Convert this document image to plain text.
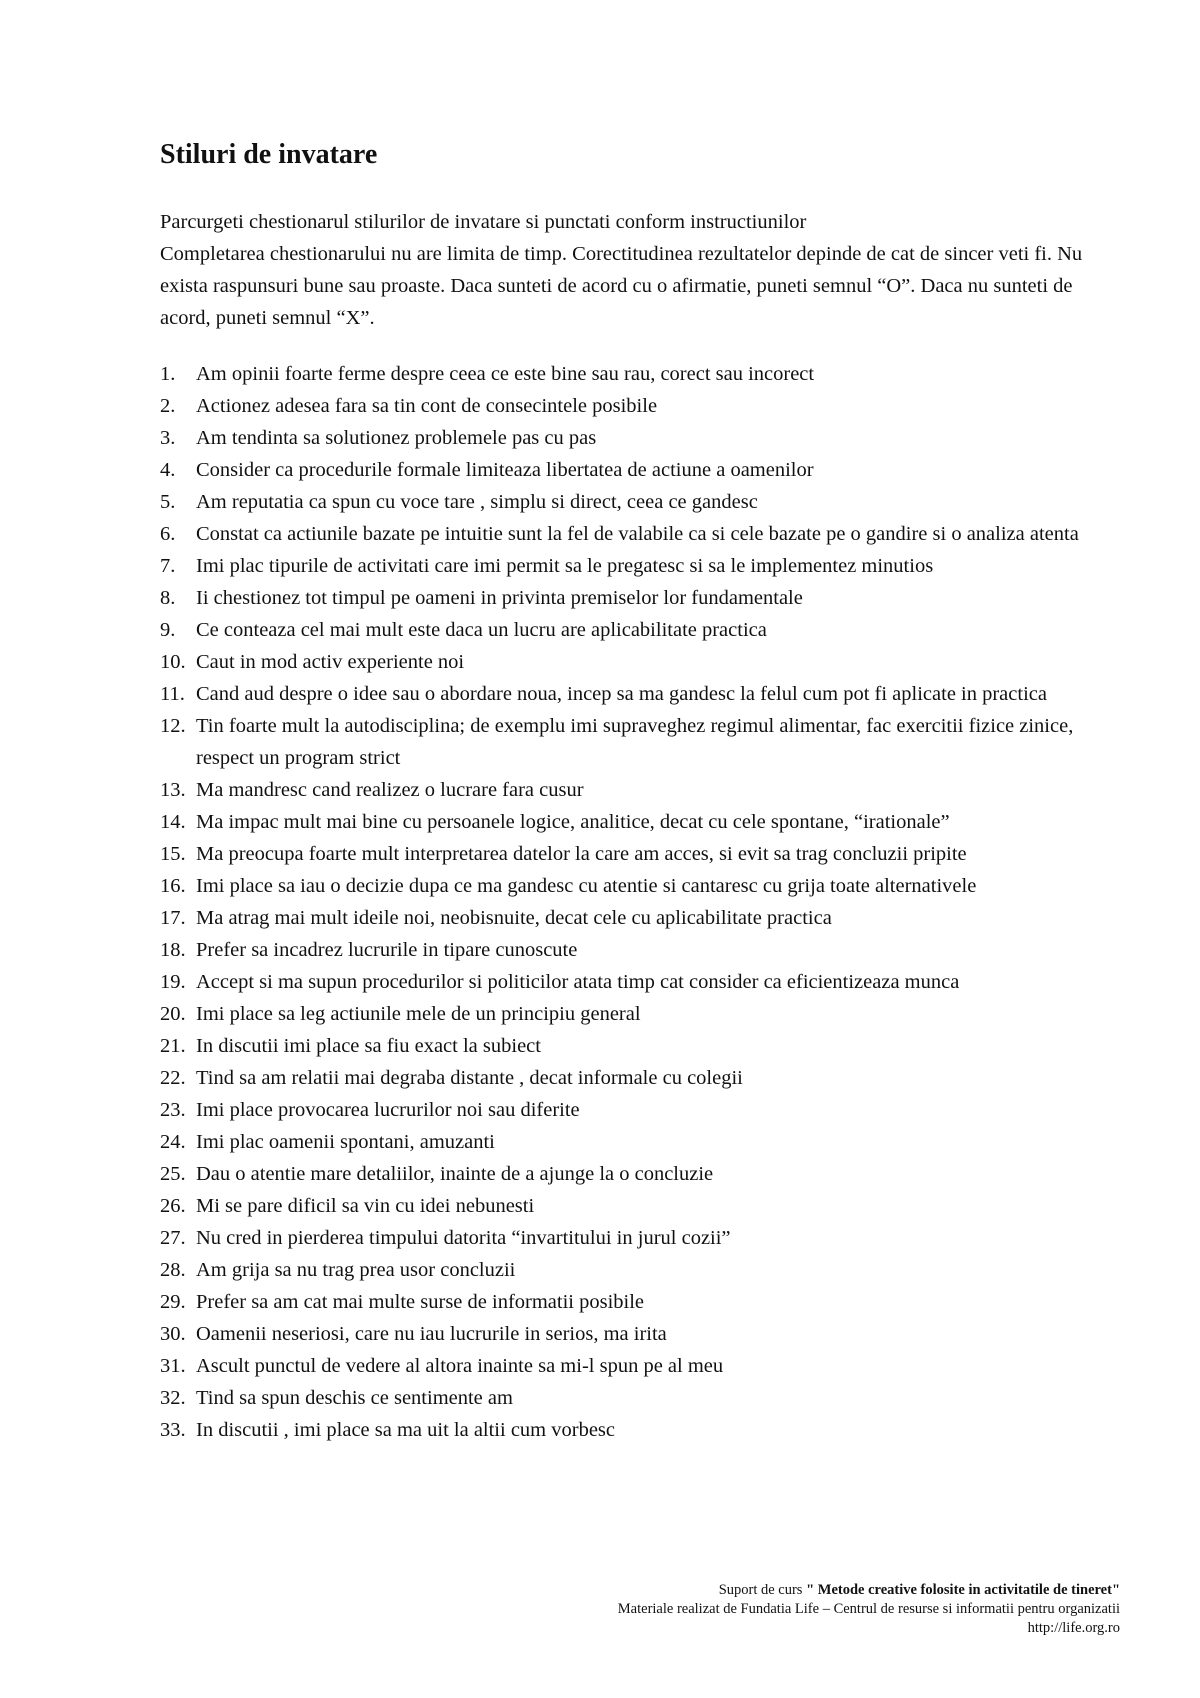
Stiluri de invatare

Parcurgeti chestionarul stilurilor de invatare si punctati conform instructiunilor

Completarea chestionarului nu are limita de timp. Corectitudinea rezultatelor depinde de cat de sincer veti fi. Nu exista raspunsuri bune sau proaste. Daca sunteti de acord cu o afirmatie, puneti semnul “O”. Daca nu sunteti de acord, puneti semnul “X”.

1.	Am opinii foarte ferme despre ceea ce este bine sau rau, corect sau incorect
2.	Actionez adesea fara sa tin cont de consecintele posibile
3.	Am tendinta sa solutionez problemele pas cu pas
4.	Consider ca procedurile formale limiteaza libertatea de actiune a oamenilor
5.	Am reputatia ca spun cu voce tare , simplu si direct, ceea ce gandesc
6.	Constat ca actiunile bazate pe intuitie sunt la fel de valabile ca si cele bazate pe o gandire si o analiza atenta
7.	Imi plac tipurile de activitati care imi permit sa le pregatesc si sa le implementez minutios
8.	Ii chestionez tot timpul pe oameni in privinta premiselor lor fundamentale
9.	Ce conteaza cel mai mult este daca un lucru are aplicabilitate practica
10. Caut in mod activ experiente noi
11. Cand aud despre o idee sau o abordare noua, incep sa ma gandesc la felul cum pot fi aplicate in practica
12. Tin foarte mult la autodisciplina; de exemplu imi supraveghez regimul alimentar, fac exercitii fizice zinice, respect un program strict
13. Ma mandresc cand realizez o lucrare fara cusur
14. Ma impac mult mai bine cu persoanele logice, analitice, decat cu cele spontane, “irationale”
15. Ma preocupa foarte mult interpretarea datelor la care am acces, si evit sa trag concluzii pripite
16. Imi place sa iau o decizie dupa ce ma gandesc cu atentie si cantaresc cu grija toate alternativele
17. Ma atrag mai mult ideile noi, neobisnuite, decat cele cu aplicabilitate practica
18. Prefer sa incadrez lucrurile in tipare cunoscute
19. Accept si ma supun procedurilor si politicilor atata timp cat consider ca eficientizeaza munca
20. Imi place sa leg actiunile mele de un principiu general
21. In discutii imi place sa fiu exact la subiect
22. Tind sa am relatii mai degraba distante , decat informale cu colegii
23. Imi place provocarea lucrurilor noi sau diferite
24. Imi plac oamenii spontani, amuzanti
25. Dau o atentie mare detaliilor, inainte de a ajunge la o concluzie
26. Mi se pare dificil sa vin cu idei nebunesti
27. Nu cred in pierderea timpului datorita “invartitului in jurul cozii”
28. Am grija sa nu trag prea usor concluzii
29. Prefer sa am cat mai multe surse de informatii posibile
30. Oamenii neseriosi, care nu iau lucrurile in serios, ma irita
31. Ascult punctul de vedere al altora inainte sa mi-l spun pe al meu
32. Tind sa spun deschis ce sentimente am
33. In discutii , imi place sa ma uit la altii cum vorbesc
Suport de curs " Metode creative folosite in activitatile de tineret"
Materiale realizat de Fundatia Life – Centrul de resurse si informatii pentru organizatii
http://life.org.ro
